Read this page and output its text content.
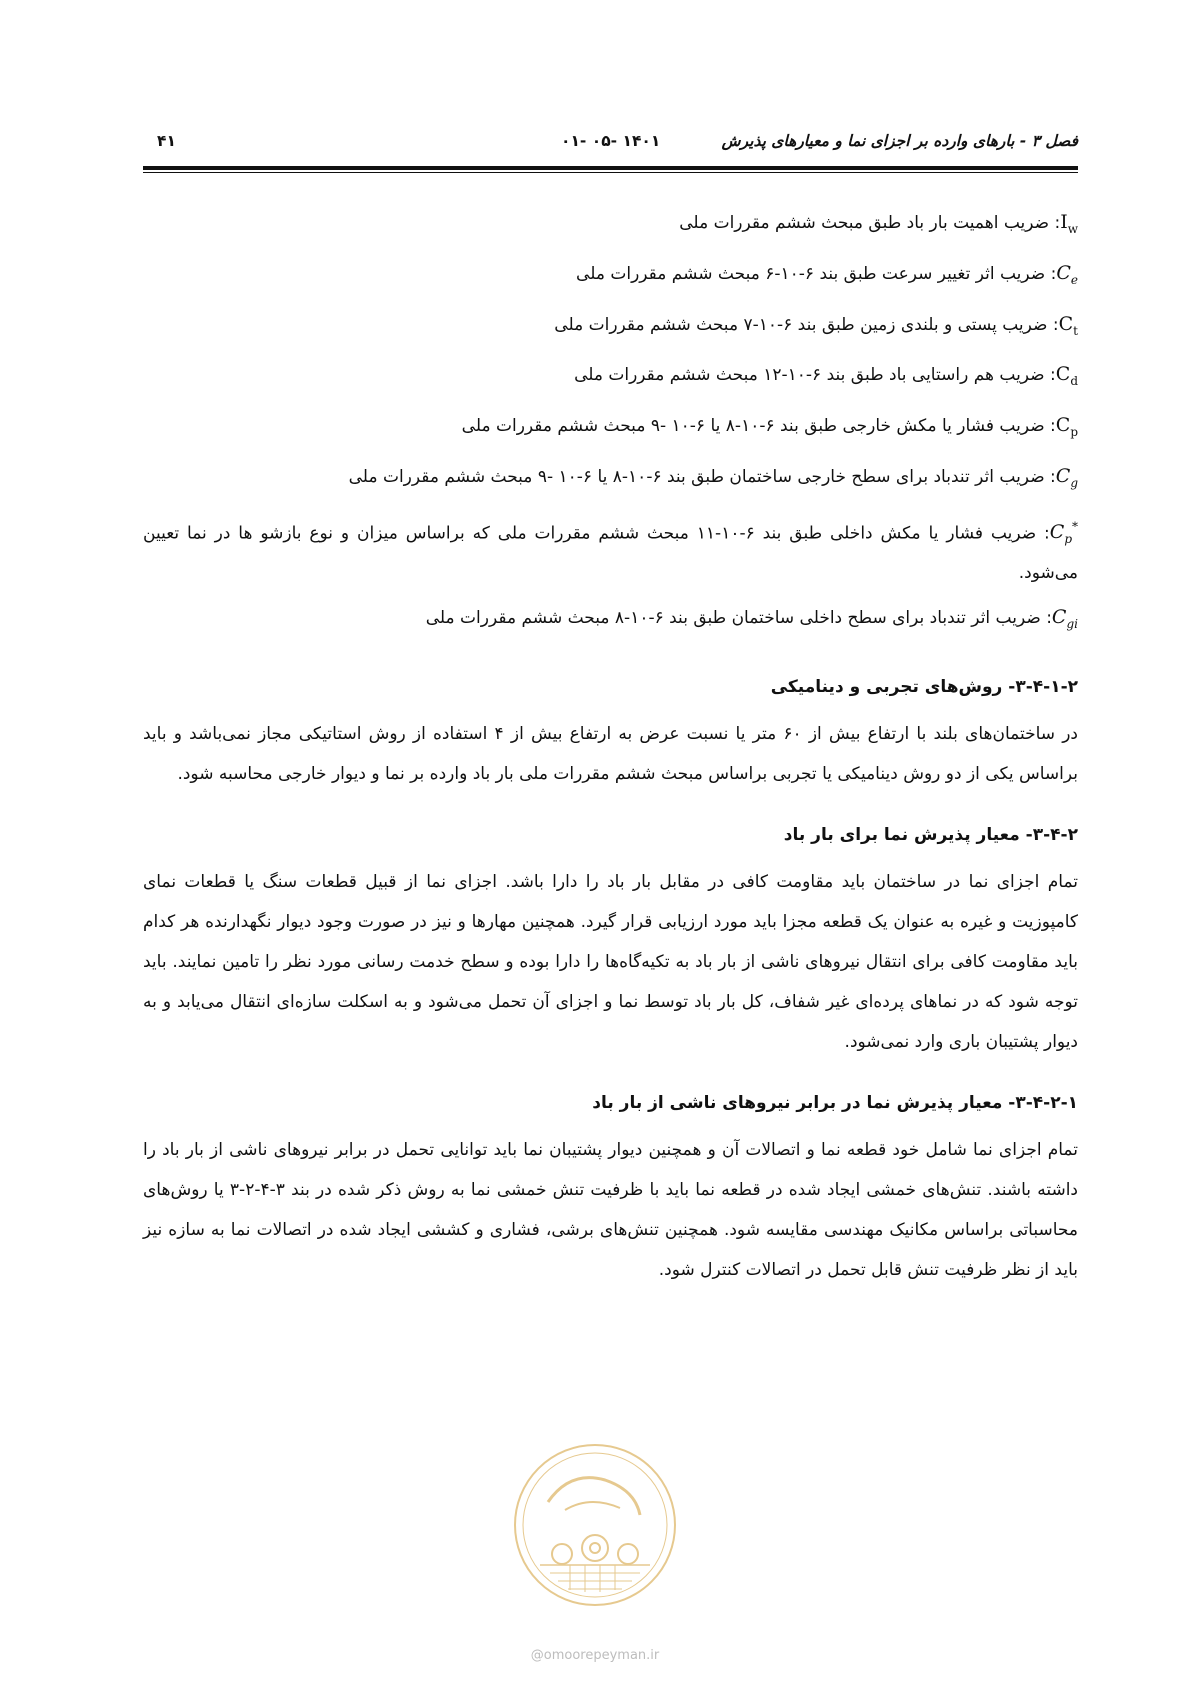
فصل ۳ - بارهای وارده بر اجزای نما و معیارهای پذیرش
۰۱- ۰۵- ۱۴۰۱
۴۱

$I_w$: ضریب اهمیت بار باد طبق مبحث ششم مقررات ملی

$C_e$: ضریب اثر تغییر سرعت طبق بند ۶-۱۰-۶ مبحث ششم مقررات ملی

$C_t$: ضریب پستی و بلندی زمین طبق بند ۶-۱۰-۷ مبحث ششم مقررات ملی

$C_d$: ضریب هم راستایی باد طبق بند ۶-۱۰-۱۲ مبحث ششم مقررات ملی

$C_p$: ضریب فشار یا مکش خارجی طبق بند ۶-۱۰-۸ یا ۶-۱۰ -۹ مبحث ششم مقررات ملی

$C_g$: ضریب اثر تندباد برای سطح خارجی ساختمان طبق بند ۶-۱۰-۸ یا ۶-۱۰ -۹ مبحث ششم مقررات ملی

$C_p^*$: ضریب فشار یا مکش داخلی طبق بند ۶-۱۰-۱۱ مبحث ششم مقررات ملی که براساس میزان و نوع بازشو ها در نما تعیین می‌شود.

$C_{gi}$: ضریب اثر تندباد برای سطح داخلی ساختمان طبق بند ۶-۱۰-۸ مبحث ششم مقررات ملی

۳-۴-۱-۲- روش‌های تجربی و دینامیکی

در ساختمان‌های بلند با ارتفاع بیش از ۶۰ متر یا نسبت عرض به ارتفاع بیش از ۴ استفاده از روش استاتیکی مجاز نمی‌باشد و باید براساس یکی از دو روش دینامیکی یا تجربی براساس مبحث ششم مقررات ملی بار باد وارده بر نما و دیوار خارجی محاسبه شود.

۳-۴-۲- معیار پذیرش نما برای بار باد

تمام اجزای نما در ساختمان باید مقاومت کافی در مقابل بار باد را دارا باشد. اجزای نما از قبیل قطعات سنگ یا قطعات نمای کامپوزیت و غیره به عنوان یک قطعه مجزا باید مورد ارزیابی قرار گیرد. همچنین مهارها و نیز در صورت وجود دیوار نگهدارنده هر کدام باید مقاومت کافی برای انتقال نیروهای ناشی از بار باد به تکیه‌گاه‌ها را دارا بوده و سطح خدمت رسانی مورد نظر را تامین نمایند. باید توجه شود که در نماهای پرده‌ای غیر شفاف، کل بار باد توسط نما و اجزای آن تحمل می‌شود و به اسکلت سازه‌ای انتقال می‌یابد و به دیوار پشتیبان باری وارد نمی‌شود.

۳-۴-۲-۱- معیار پذیرش نما در برابر نیروهای ناشی از بار باد

تمام اجزای نما شامل خود قطعه نما و اتصالات آن و همچنین دیوار پشتیبان نما باید توانایی تحمل در برابر نیروهای ناشی از بار باد را داشته باشند. تنش‌های خمشی ایجاد شده در قطعه نما باید با ظرفیت تنش خمشی نما به روش ذکر شده در بند ۳-۴-۲-۳ یا روش‌های محاسباتی براساس مکانیک مهندسی مقایسه شود. همچنین تنش‌های برشی، فشاری و کششی ایجاد شده در اتصالات نما به سازه نیز باید از نظر ظرفیت تنش قابل تحمل در اتصالات کنترل شود.

@omoorepeyman.ir
